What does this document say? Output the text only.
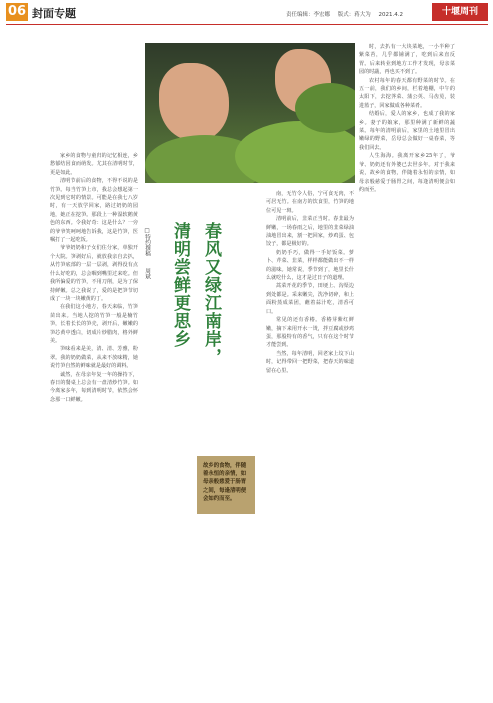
06 封面专题	责任编辑：李宏娜 版式：蒋大为 2021.4.2	十堰周刊

家乡的食物与童归的记忆相连，乡愁郁结因食而萌发。尤其在清明时节，更是如此。

清明节前后的食物，不得不说的是竹笋。每当竹笋上市，我总会想起第一次见到它时的情景。可能是在我七八岁时，有一天放学回家，路过奶奶的园地，她正在挖笋。那段上一种湿软鹅黄色的东西。令我好奇：这是什么？一旁的爷爷笑呵呵地告诉我，这是竹笋，医嘱打了一起吃饭。

爷爷奶奶和子女们住分家，单独开个大院。笋剥好后，就放我亲自去扒，从竹笋底部的一层一层剥，剥得没有点什么好吃的，总会咽到嘴里过来吃。但我所偏爱的竹笋，不用刀削，是为了保持鲜嫩。总之我说了，爱的是把笋节切成了一块一块嫩黄的丁。

在我们这小地方，春天来临，竹笋苗出来。当地人挖的竹笋一般是楠竹笋，长着长长的笋壳，剥开后，嫩嫩的笋芯黄中透白，切成片炒腊肉，格外鲜美。

笋味看来是美，清、清、芳雅，粉翠。我的奶奶做菜，从来不放味精，她说竹笋自然的鲜味就是最好的调料。

诚然，在母亲年复一年的操持下，春日的餐桌上总会有一盘清炒竹笋。如今离家多年，每到清明时节，依然会怀念那一口鲜嫩。

□特约撰稿
周斌	春风又绿江南岸，
清明尝鲜更思乡
故乡的食物，伴随着永恒的亲情，如母亲般慈爱于肠胃之间，每逢清明便会如约而至。

南，无竹令人俗，宁可食无肉，不可居无竹。在南方的饮食里，竹笋的地位可见一斑。

清明前后，韭菜正当时。春韭最为鲜嫩，一场春雨之后，地里的韭菜绿油油地冒出来，割一把回家，炒鸡蛋、包饺子，都是极好的。

奶奶手巧，做得一手好饭菜。萝卜、芹菜、韭菜，样样都能做出不一样的滋味。她常说，季节到了，地里长什么就吃什么，这才是过日子的道理。

蒿菜开花的季节，田埂上、沟渠边到处都是。采来嫩尖，洗净切碎，和上面粉蒸成菜团，蘸着蒜汁吃，清香可口。

常见的还有香椿。香椿芽紫红鲜嫩，摘下来用开水一烫，拌豆腐或炒鸡蛋，那股特有的香气，只有在这个时节才能尝到。

当然，每年清明，回老家上坟下山时，记得带回一把野菜，把春天的味道留在心里。

时，去扒有一大块菜地，一小半种了紫菜苔，几乎都铺满了，吃到后来直反胃。后来转业到地方工作才发现，母亲菜园的时蔬，再也买不到了。

农村每年的春天都有野菜的时节。在五一前，我们的乡间，栏着地棚，中午的太阳下，去挖荠菜、蒲公英、马齿苋，装进篮子，回家做成各种菜肴。

结婚后，爱人的家乡，也成了我的家乡。妻子的娘家，那里种满了新鲜的蔬菜。每年的清明前后，家里的土地里冒出嫩绿的野菜，岳母总会做好一桌春菜，等我们回去。

人生海海。我离开家乡25年了，爷爷、奶奶还有外婆已去世多年。对于我来说，故乡的食物，伴随着永恒的亲情，如母亲般慈爱于肠胃之间，每逢清明便会如约而至。
